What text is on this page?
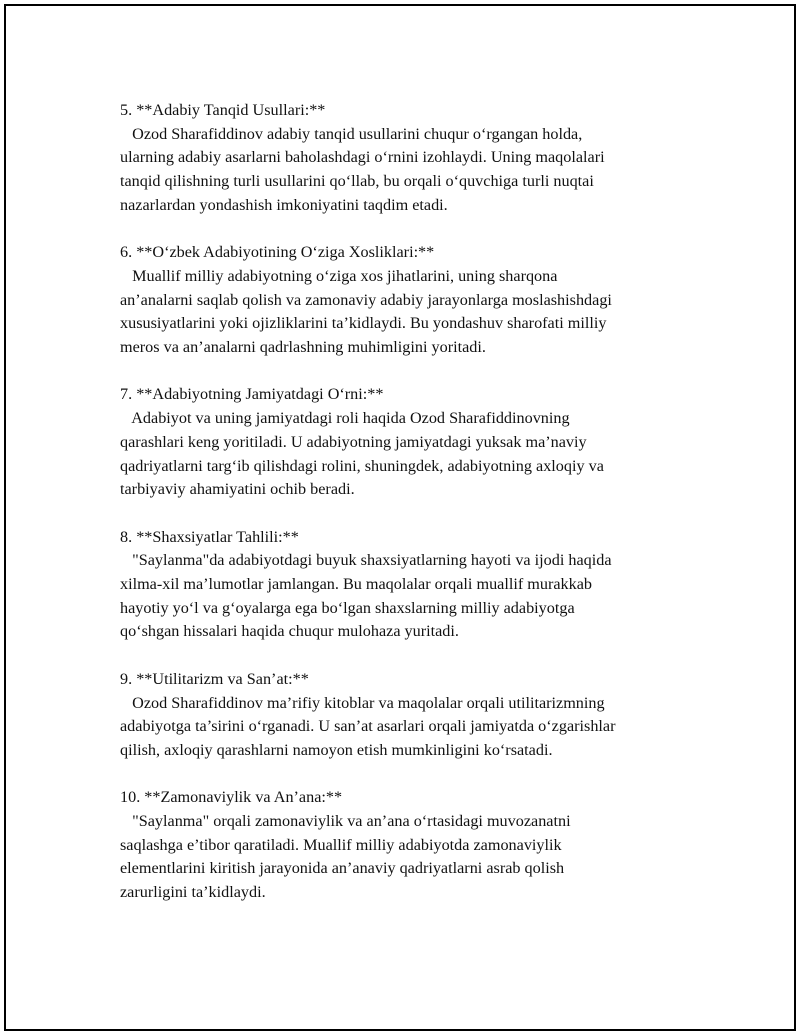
5. **Adabiy Tanqid Usullari:**
Ozod Sharafiddinov adabiy tanqid usullarini chuqur oʻrgangan holda,
ularning adabiy asarlarni baholashdagi oʻrnini izohlaydi. Uning maqolalari
tanqid qilishning turli usullarini qoʻllab, bu orqali oʻquvchiga turli nuqtai
nazarlardan yondashish imkoniyatini taqdim etadi.
6. **Oʻzbek Adabiyotining Oʻziga Xosliklari:**
Muallif milliy adabiyotning oʻziga xos jihatlarini, uning sharqona
an’analarni saqlab qolish va zamonaviy adabiy jarayonlarga moslashishdagi
xususiyatlarini yoki ojizliklarini ta’kidlaydi. Bu yondashuv sharofati milliy
meros va an’analarni qadrlashning muhimligini yoritadi.
7. **Adabiyotning Jamiyatdagi Oʻrni:**
Adabiyot va uning jamiyatdagi roli haqida Ozod Sharafiddinovning
qarashlari keng yoritiladi. U adabiyotning jamiyatdagi yuksak ma’naviy
qadriyatlarni targʻib qilishdagi rolini, shuningdek, adabiyotning axloqiy va
tarbiyaviy ahamiyatini ochib beradi.
8. **Shaxsiyatlar Tahlili:**
"Saylanma"da adabiyotdagi buyuk shaxsiyatlarning hayoti va ijodi haqida
xilma-xil ma’lumotlar jamlangan. Bu maqolalar orqali muallif murakkab
hayotiy yoʻl va gʻoyalarga ega boʻlgan shaxslarning milliy adabiyotga
qoʻshgan hissalari haqida chuqur mulohaza yuritadi.
9. **Utilitarizm va San’at:**
Ozod Sharafiddinov ma’rifiy kitoblar va maqolalar orqali utilitarizmning
adabiyotga ta’sirini oʻrganadi. U san’at asarlari orqali jamiyatda oʻzgarishlar
qilish, axloqiy qarashlarni namoyon etish mumkinligini koʻrsatadi.
10. **Zamonaviylik va An’ana:**
"Saylanma" orqali zamonaviylik va an’ana oʻrtasidagi muvozanatni
saqlashga e’tibor qaratiladi. Muallif milliy adabiyotda zamonaviylik
elementlarini kiritish jarayonida an’anaviy qadriyatlarni asrab qolish
zarurligini ta’kidlaydi.
